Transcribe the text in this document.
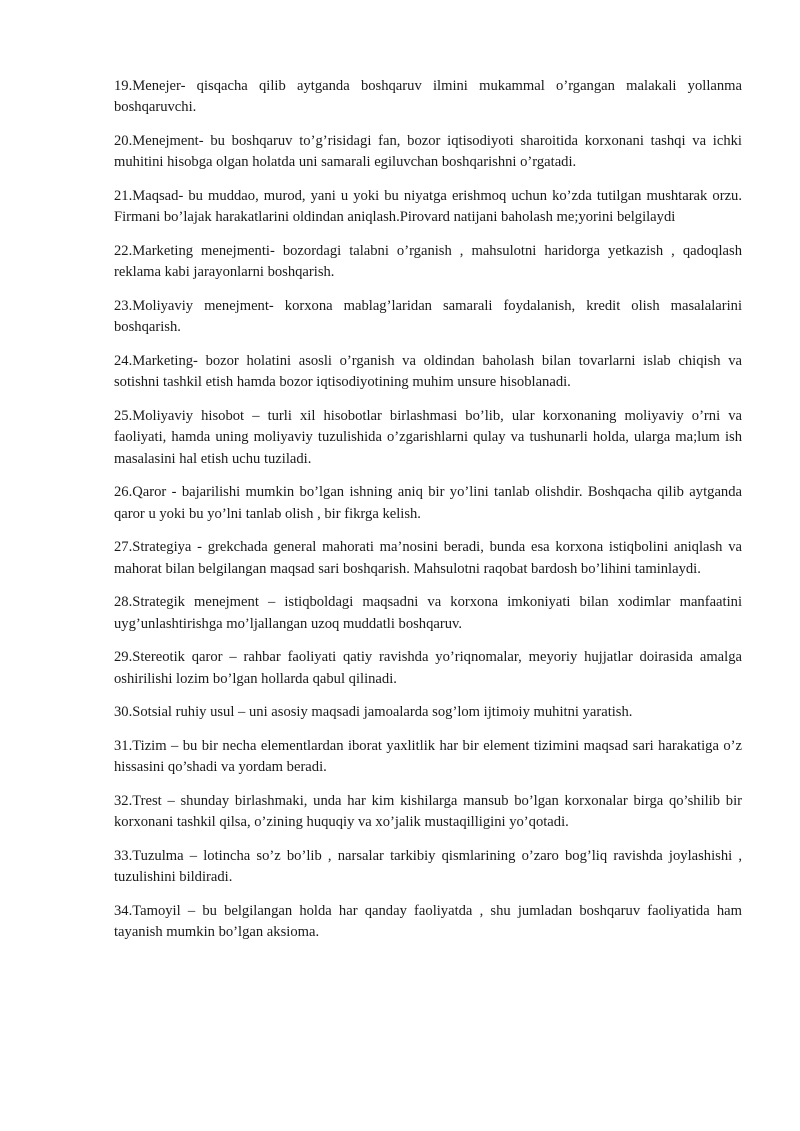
19.Menejer- qisqacha qilib aytganda boshqaruv ilmini mukammal o’rgangan malakali yollanma boshqaruvchi.

20.Menejment- bu boshqaruv to’g’risidagi fan, bozor iqtisodiyoti sharoitida korxonani tashqi va ichki muhitini hisobga olgan holatda uni samarali egiluvchan boshqarishni o’rgatadi.

21.Maqsad- bu muddao, murod, yani u yoki bu niyatga erishmoq uchun ko’zda tutilgan mushtarak orzu. Firmani bo’lajak harakatlarini oldindan aniqlash.Pirovard natijani baholash me;yorini belgilaydi

22.Marketing menejmenti- bozordagi talabni o’rganish , mahsulotni haridorga yetkazish , qadoqlash reklama kabi jarayonlarni boshqarish.

23.Moliyaviy menejment- korxona mablag’laridan samarali foydalanish, kredit olish masalalarini boshqarish.

24.Marketing- bozor holatini asosli o’rganish va oldindan baholash bilan tovarlarni islab chiqish va sotishni tashkil etish hamda bozor iqtisodiyotining muhim unsure hisoblanadi.

25.Moliyaviy hisobot – turli xil hisobotlar birlashmasi bo’lib, ular korxonaning moliyaviy o’rni va faoliyati, hamda uning moliyaviy tuzulishida o’zgarishlarni qulay va tushunarli holda, ularga ma;lum ish masalasini hal etish uchu tuziladi.

26.Qaror - bajarilishi mumkin bo’lgan ishning aniq bir yo’lini tanlab olishdir. Boshqacha qilib aytganda qaror u yoki bu yo’lni tanlab olish , bir fikrga kelish.

27.Strategiya - grekchada general mahorati ma’nosini beradi, bunda esa korxona istiqbolini aniqlash va mahorat bilan belgilangan maqsad sari boshqarish. Mahsulotni raqobat bardosh bo’lihini taminlaydi.

28.Strategik menejment – istiqboldagi maqsadni va korxona imkoniyati bilan xodimlar manfaatini uyg’unlashtirishga mo’ljallangan uzoq muddatli boshqaruv.

29.Stereotik qaror – rahbar faoliyati qatiy ravishda yo’riqnomalar, meyoriy hujjatlar doirasida amalga oshirilishi lozim bo’lgan hollarda qabul qilinadi.

30.Sotsial ruhiy usul – uni asosiy maqsadi jamoalarda sog’lom ijtimoiy muhitni yaratish.

31.Tizim – bu bir necha elementlardan iborat yaxlitlik har bir element tizimini maqsad sari harakatiga o’z hissasini qo’shadi va yordam beradi.

32.Trest – shunday birlashmaki, unda har kim kishilarga mansub bo’lgan korxonalar birga qo’shilib bir korxonani tashkil qilsa, o’zining huquqiy va xo’jalik mustaqilligini yo’qotadi.

33.Tuzulma – lotincha so’z bo’lib , narsalar tarkibiy qismlarining o’zaro bog’liq ravishda joylashishi , tuzulishini bildiradi.

34.Tamoyil – bu belgilangan holda har qanday faoliyatda , shu jumladan boshqaruv faoliyatida ham tayanish mumkin bo’lgan aksioma.
